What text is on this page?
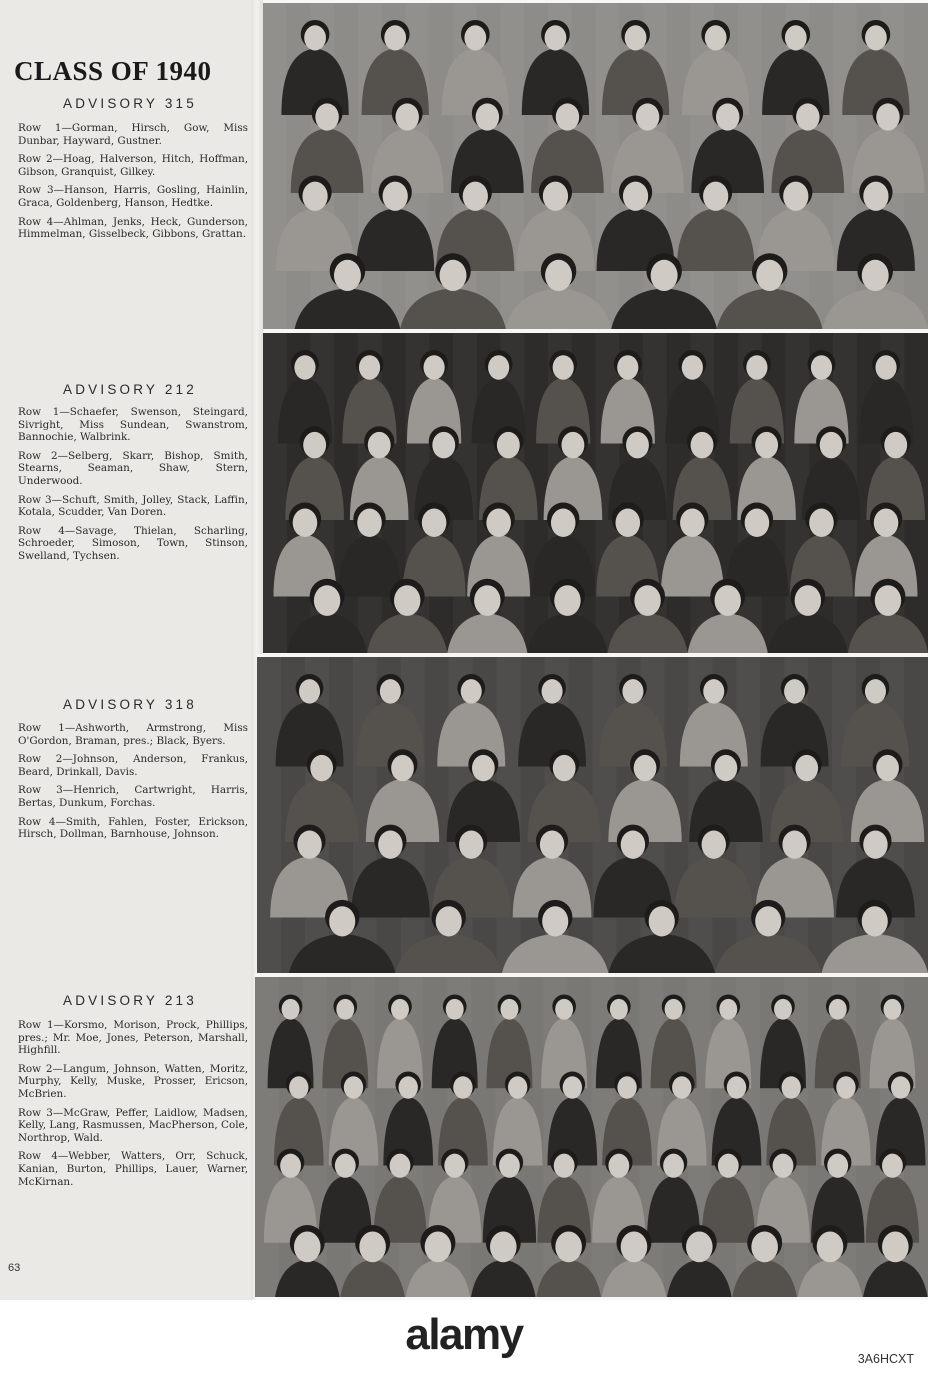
CLASS OF 1940
ADVISORY 315
Row 1—Gorman, Hirsch, Gow, Miss Dunbar, Hayward, Gustner.
Row 2—Hoag, Halverson, Hitch, Hoffman, Gibson, Granquist, Gilkey.
Row 3—Hanson, Harris, Gosling, Hainlin, Graca, Goldenberg, Hanson, Hedtke.
Row 4—Ahlman, Jenks, Heck, Gunderson, Himmelman, Gisselbeck, Gibbons, Grattan.
ADVISORY 212
Row 1—Schaefer, Swenson, Steingard, Sivright, Miss Sundean, Swanstrom, Bannochie, Walbrink.
Row 2—Selberg, Skarr, Bishop, Smith, Stearns, Seaman, Shaw, Stern, Underwood.
Row 3—Schuft, Smith, Jolley, Stack, Laffin, Kotala, Scudder, Van Doren.
Row 4—Savage, Thielan, Scharling, Schroeder, Simoson, Town, Stinson, Swelland, Tychsen.
ADVISORY 318
Row 1—Ashworth, Armstrong, Miss O'Gordon, Braman, pres.; Black, Byers.
Row 2—Johnson, Anderson, Frankus, Beard, Drinkall, Davis.
Row 3—Henrich, Cartwright, Harris, Bertas, Dunkum, Forchas.
Row 4—Smith, Fahlen, Foster, Erickson, Hirsch, Dollman, Barnhouse, Johnson.
ADVISORY 213
Row 1—Korsmo, Morison, Prock, Phillips, pres.; Mr. Moe, Jones, Peterson, Marshall, Highfill.
Row 2—Langum, Johnson, Watten, Moritz, Murphy, Kelly, Muske, Prosser, Ericson, McBrien.
Row 3—McGraw, Peffer, Laidlow, Madsen, Kelly, Lang, Rasmussen, MacPherson, Cole, Northrop, Wald.
Row 4—Webber, Watters, Orr, Schuck, Kanian, Burton, Phillips, Lauer, Warner, McKirnan.
63
alamy	3A6HCXT
